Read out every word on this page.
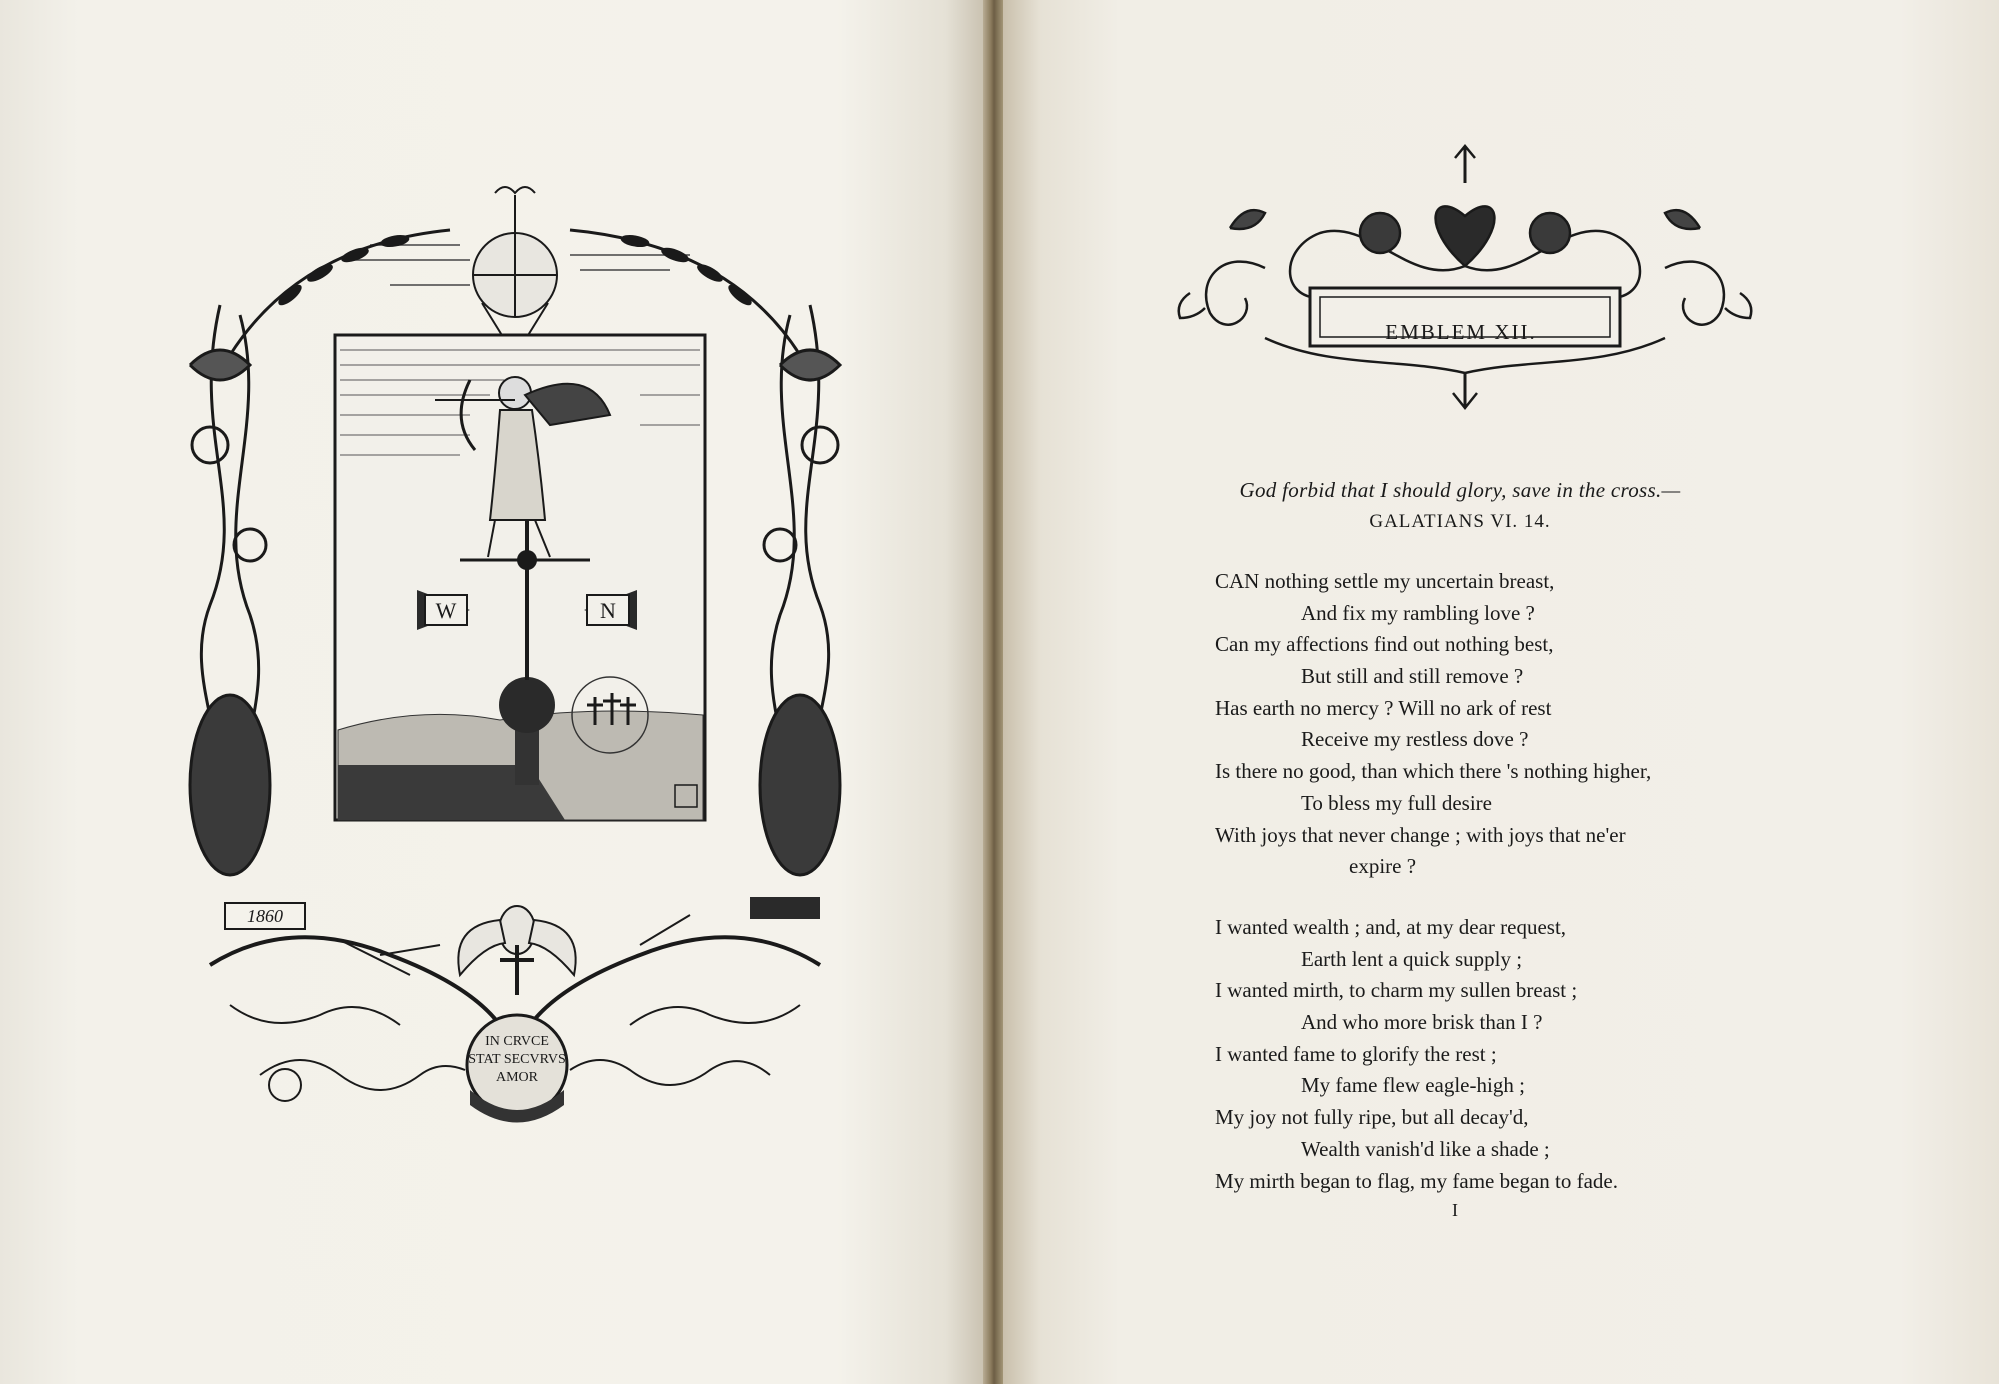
1860
W	N
IN CRVCE
STAT SECVRVS
AMOR
EMBLEM XII.
God forbid that I should glory, save in the cross.—
GALATIANS VI. 14.
CAN nothing settle my uncertain breast,
And fix my rambling love ?
Can my affections find out nothing best,
But still and still remove ?
Has earth no mercy ? Will no ark of rest
Receive my restless dove ?
Is there no good, than which there 's nothing higher,
To bless my full desire
With joys that never change ; with joys that ne'er
expire ?
I wanted wealth ; and, at my dear request,
Earth lent a quick supply ;
I wanted mirth, to charm my sullen breast ;
And who more brisk than I ?
I wanted fame to glorify the rest ;
My fame flew eagle-high ;
My joy not fully ripe, but all decay'd,
Wealth vanish'd like a shade ;
My mirth began to flag, my fame began to fade.
I
